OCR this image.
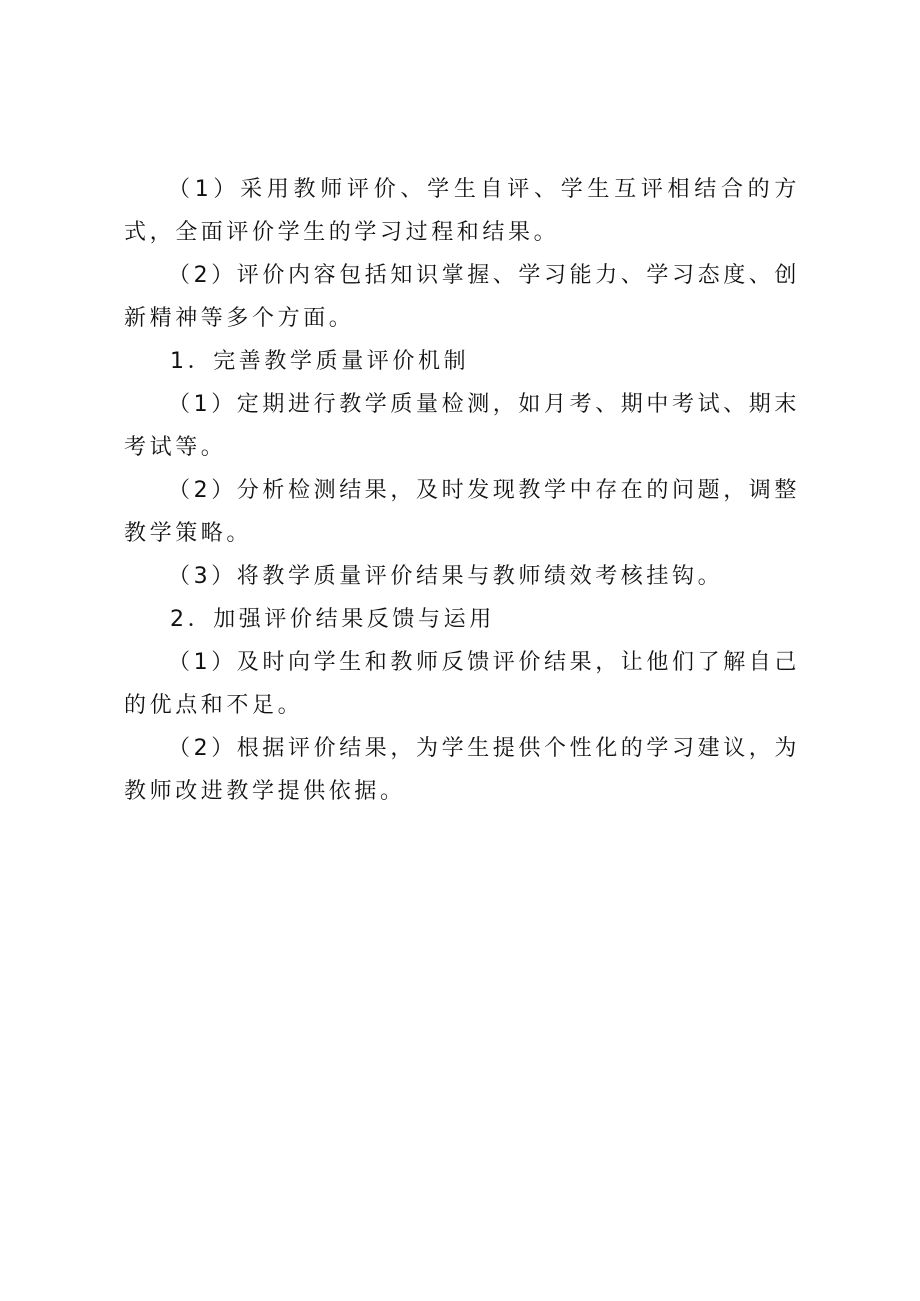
（1）采用教师评价、学生自评、学生互评相结合的方式，全面评价学生的学习过程和结果。

（2）评价内容包括知识掌握、学习能力、学习态度、创新精神等多个方面。

1．完善教学质量评价机制

（1）定期进行教学质量检测，如月考、期中考试、期末考试等。

（2）分析检测结果，及时发现教学中存在的问题，调整教学策略。

（3）将教学质量评价结果与教师绩效考核挂钩。

2．加强评价结果反馈与运用

（1）及时向学生和教师反馈评价结果，让他们了解自己的优点和不足。

（2）根据评价结果，为学生提供个性化的学习建议，为教师改进教学提供依据。
